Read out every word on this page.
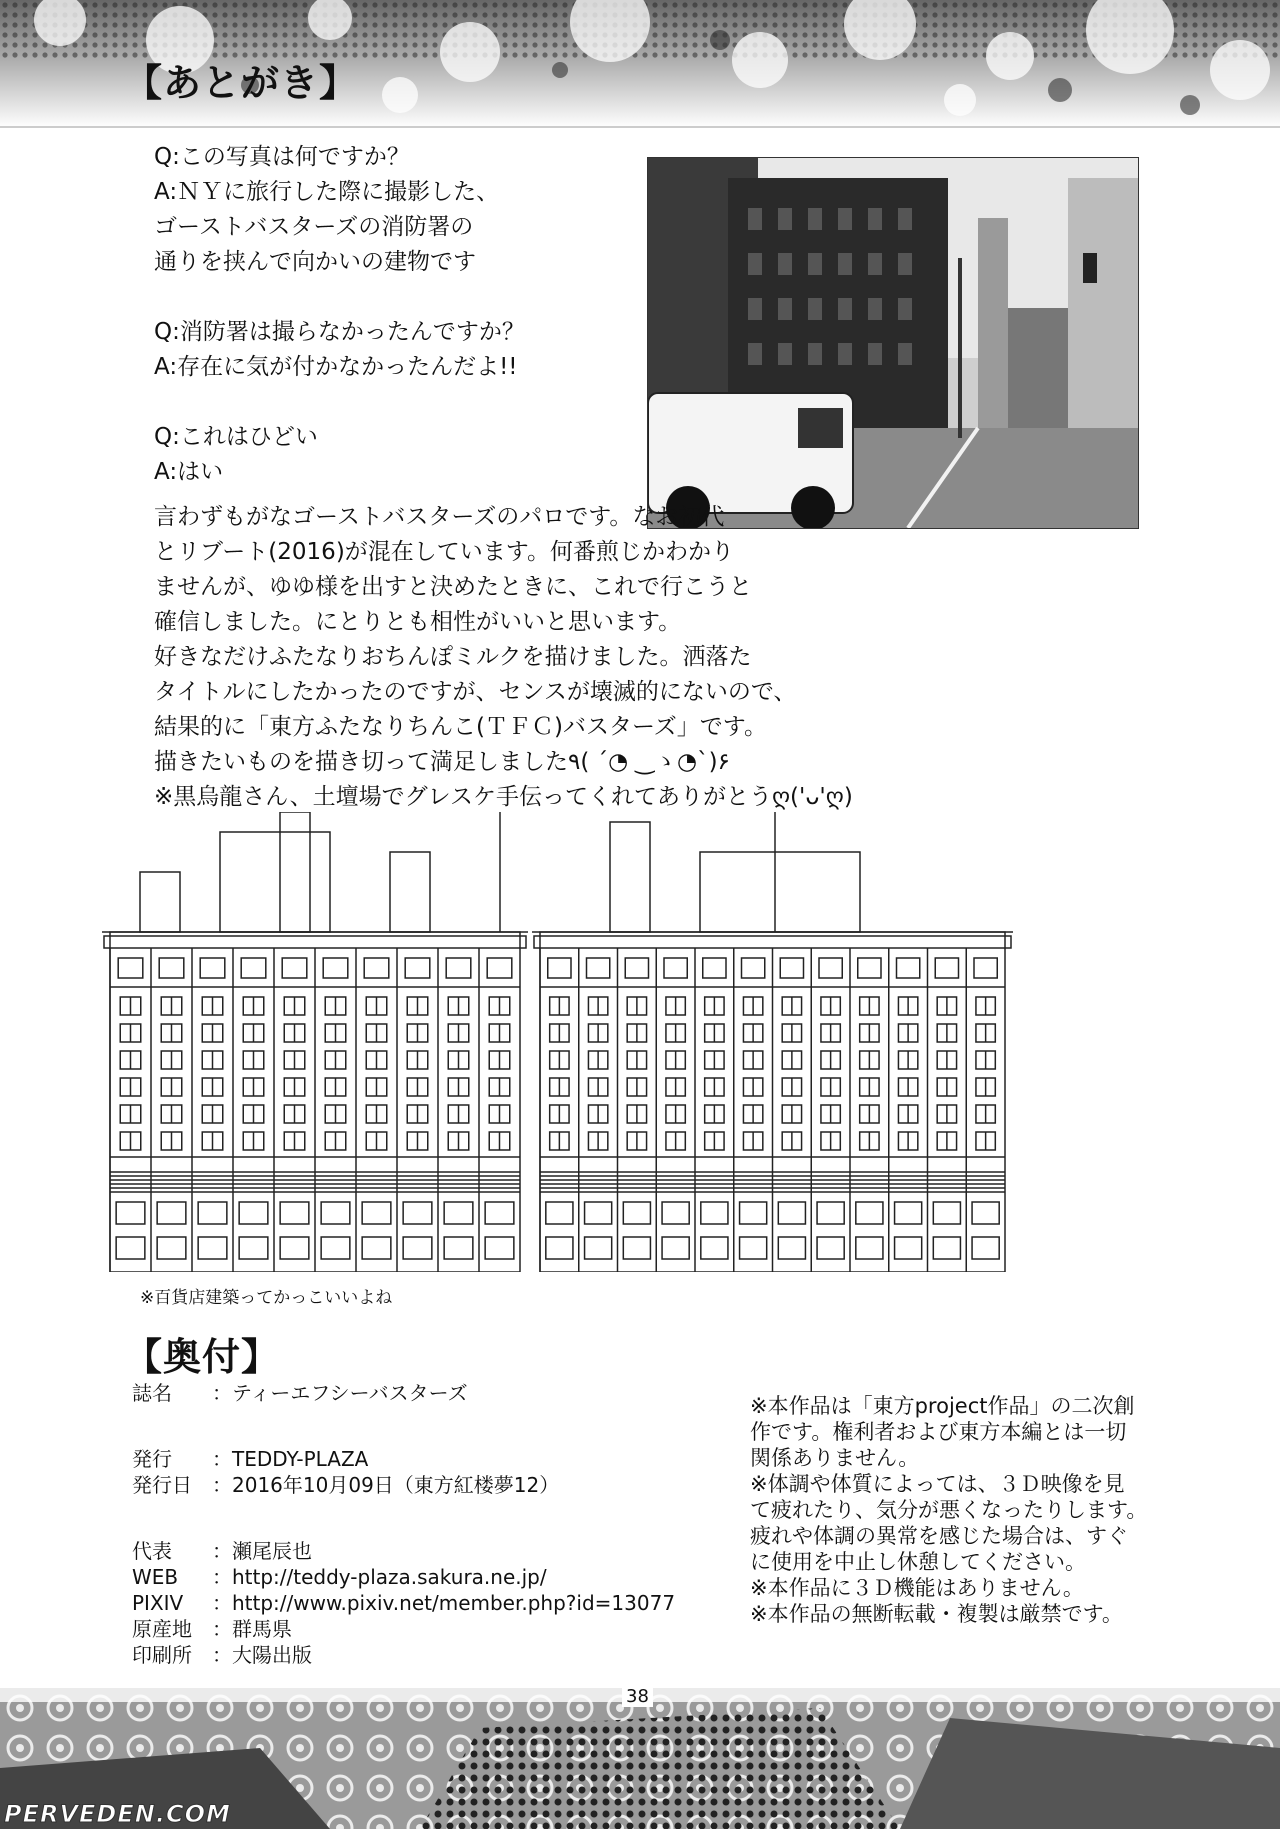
【あとがき】

Q:この写真は何ですか？

A:ＮＹに旅行した際に撮影した、

ゴーストバスターズの消防署の

通りを挟んで向かいの建物です

Q:消防署は撮らなかったんですか？

A:存在に気が付かなかったんだよ!!

Q:これはひどい

A:はい

言わずもがなゴーストバスターズのパロです。なお初代

とリブート(2016)が混在しています。何番煎じかわかり

ませんが、ゆゆ様を出すと決めたときに、これで行こうと

確信しました。にとりとも相性がいいと思います。

好きなだけふたなりおちんぽミルクを描けました。洒落た

タイトルにしたかったのですが、センスが壊滅的にないので、

結果的に「東方ふたなりちんこ(ＴＦＣ)バスターズ」です。

描きたいものを描き切って満足しました٩( ´◔ ‿ゝ◔`)۶

※黒烏龍さん、土壇場でグレスケ手伝ってくれてありがとうღ('ᴗ'ღ)

※百貨店建築ってかっこいいよね
【奥付】
誌名	：ティーエフシーバスターズ
発行	：TEDDY-PLAZA
発行日	：2016年10月09日（東方紅楼夢12）
代表	：瀬尾辰也
WEB	：http://teddy-plaza.sakura.ne.jp/
PIXIV	：http://www.pixiv.net/member.php?id=13077
原産地	：群馬県
印刷所	：大陽出版

※本作品は「東方project作品」の二次創

作です。権利者および東方本編とは一切

関係ありません。

※体調や体質によっては、３Ｄ映像を見

て疲れたり、気分が悪くなったりします。

疲れや体調の異常を感じた場合は、すぐ

に使用を中止し休憩してください。

※本作品に３Ｄ機能はありません。

※本作品の無断転載・複製は厳禁です。

38
PERVEDEN.COM
